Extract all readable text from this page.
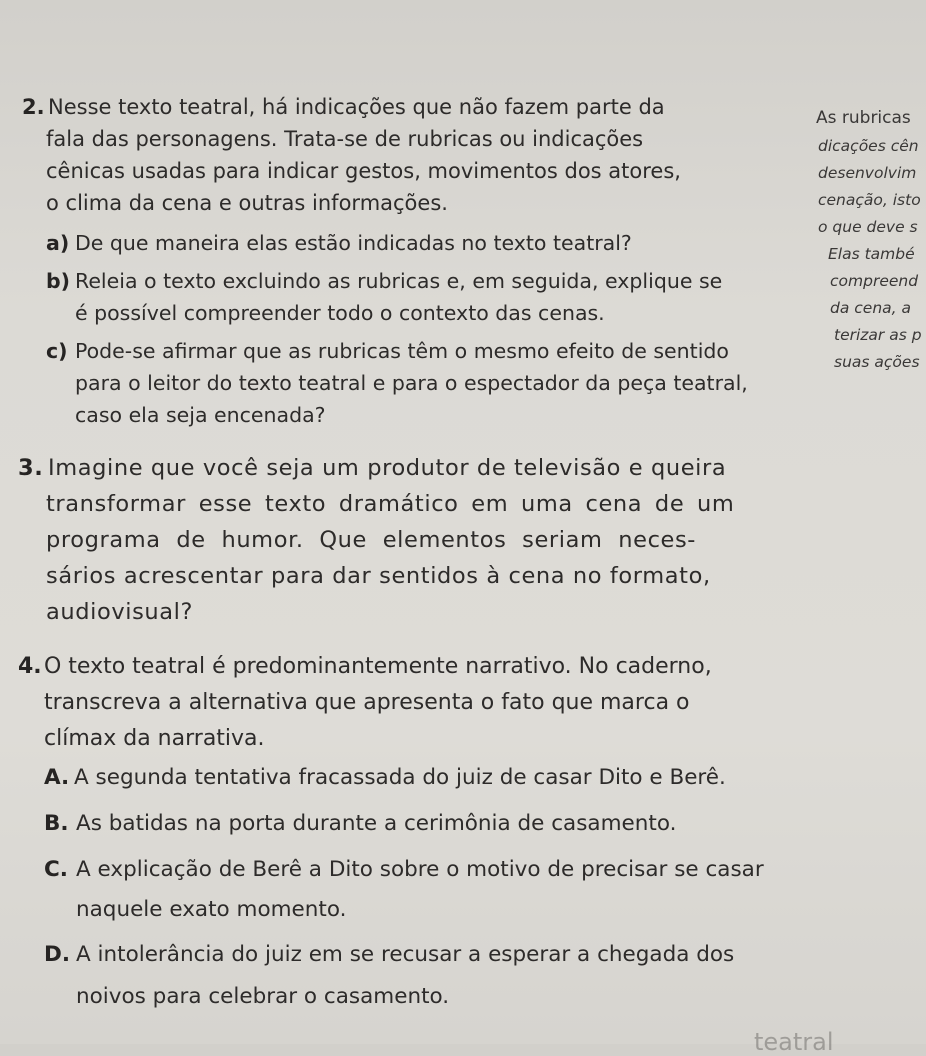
2. Nesse texto teatral, há indicações que não fazem parte da
fala das personagens. Trata-se de rubricas ou indicações
cênicas usadas para indicar gestos, movimentos dos atores,
o clima da cena e outras informações.
a) De que maneira elas estão indicadas no texto teatral?
b) Releia o texto excluindo as rubricas e, em seguida, explique se
é possível compreender todo o contexto das cenas.
c) Pode-se afirmar que as rubricas têm o mesmo efeito de sentido
para o leitor do texto teatral e para o espectador da peça teatral,
caso ela seja encenada?
As rubricas
dicações cên
desenvolvim
cenação, isto
o que deve s
Elas també
compreend
da cena, a
terizar as p
suas ações
3. Imagine que você seja um produtor de televisão e queira
transformar esse texto dramático em uma cena de um
programa de humor. Que elementos seriam neces-
sários acrescentar para dar sentidos à cena no formato,
audiovisual?
4. O texto teatral é predominantemente narrativo. No caderno,
transcreva a alternativa que apresenta o fato que marca o
clímax da narrativa.
A. A segunda tentativa fracassada do juiz de casar Dito e Berê.
B. As batidas na porta durante a cerimônia de casamento.
C. A explicação de Berê a Dito sobre o motivo de precisar se casar
naquele exato momento.
D. A intolerância do juiz em se recusar a esperar a chegada dos
noivos para celebrar o casamento.
teatral
